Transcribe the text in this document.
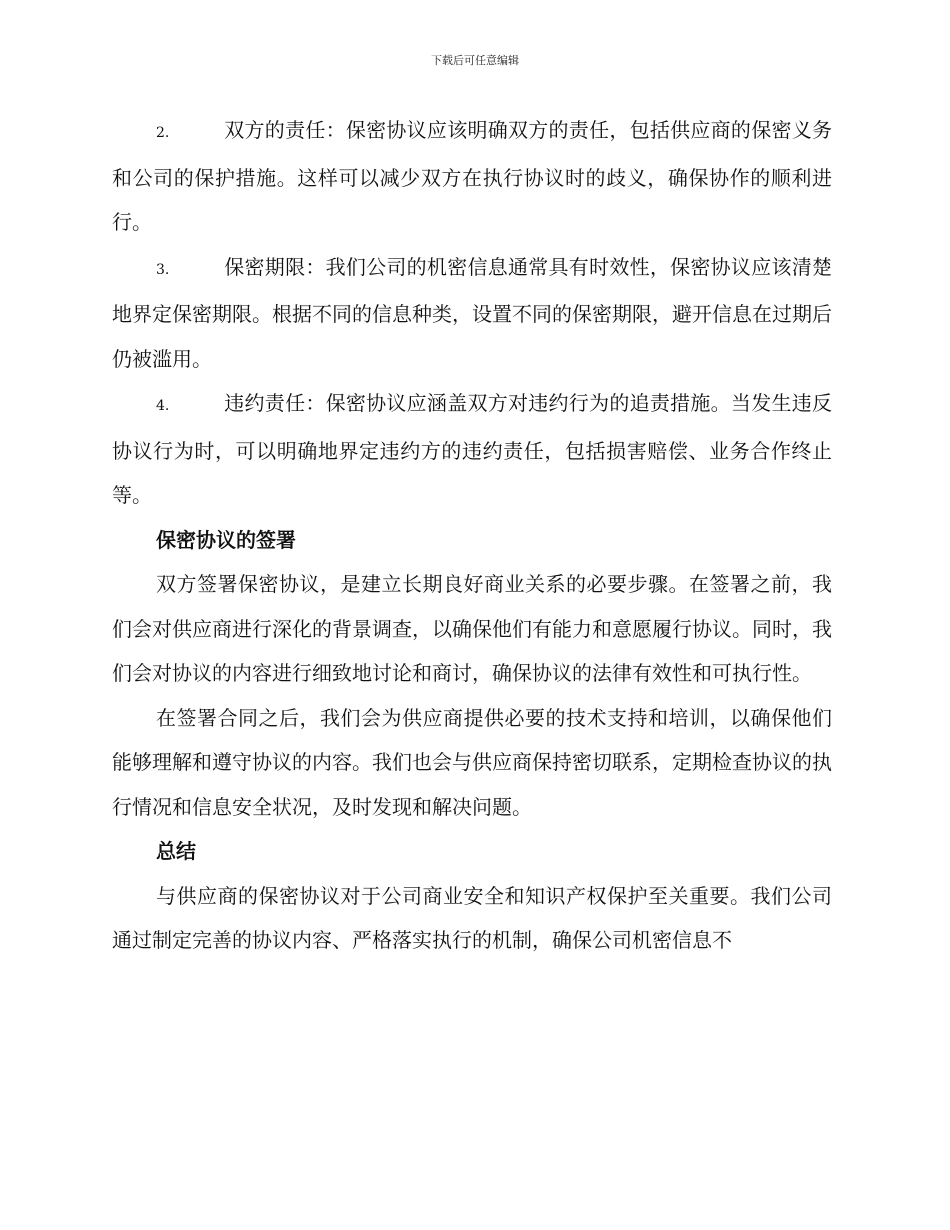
下载后可任意编辑

2.	双方的责任：保密协议应该明确双方的责任，包括供应商的保密义务和公司的保护措施。这样可以减少双方在执行协议时的歧义，确保协作的顺利进行。

3.	保密期限：我们公司的机密信息通常具有时效性，保密协议应该清楚地界定保密期限。根据不同的信息种类，设置不同的保密期限，避开信息在过期后仍被滥用。

4.	违约责任：保密协议应涵盖双方对违约行为的追责措施。当发生违反协议行为时，可以明确地界定违约方的违约责任，包括损害赔偿、业务合作终止等。

保密协议的签署

双方签署保密协议，是建立长期良好商业关系的必要步骤。在签署之前，我们会对供应商进行深化的背景调查，以确保他们有能力和意愿履行协议。同时，我们会对协议的内容进行细致地讨论和商讨，确保协议的法律有效性和可执行性。

在签署合同之后，我们会为供应商提供必要的技术支持和培训，以确保他们能够理解和遵守协议的内容。我们也会与供应商保持密切联系，定期检查协议的执行情况和信息安全状况，及时发现和解决问题。

总结

与供应商的保密协议对于公司商业安全和知识产权保护至关重要。我们公司通过制定完善的协议内容、严格落实执行的机制，确保公司机密信息不
